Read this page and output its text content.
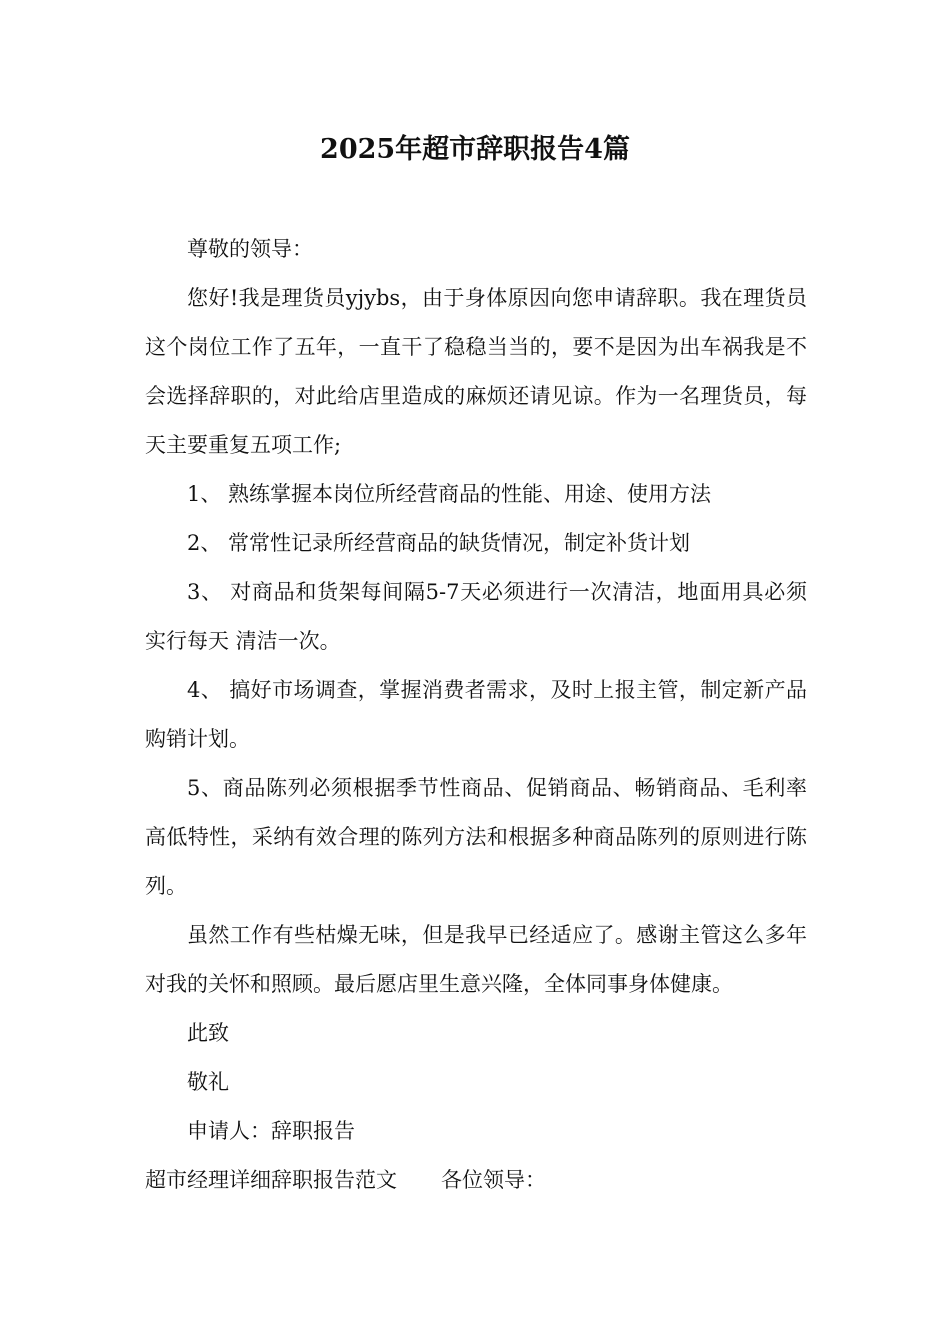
2025年超市辞职报告4篇

尊敬的领导：

您好!我是理货员yjybs，由于身体原因向您申请辞职。我在理货员这个岗位工作了五年，一直干了稳稳当当的，要不是因为出车祸我是不会选择辞职的，对此给店里造成的麻烦还请见谅。作为一名理货员，每天主要重复五项工作;

1、 熟练掌握本岗位所经营商品的性能、用途、使用方法

2、 常常性记录所经营商品的缺货情况，制定补货计划

3、 对商品和货架每间隔5-7天必须进行一次清洁，地面用具必须实行每天 清洁一次。

4、 搞好市场调查，掌握消费者需求，及时上报主管，制定新产品购销计划。

5、商品陈列必须根据季节性商品、促销商品、畅销商品、毛利率高低特性，采纳有效合理的陈列方法和根据多种商品陈列的原则进行陈列。

虽然工作有些枯燥无味，但是我早已经适应了。感谢主管这么多年对我的关怀和照顾。最后愿店里生意兴隆，全体同事身体健康。

此致

敬礼

申请人：辞职报告

超市经理详细辞职报告范文 各位领导：
